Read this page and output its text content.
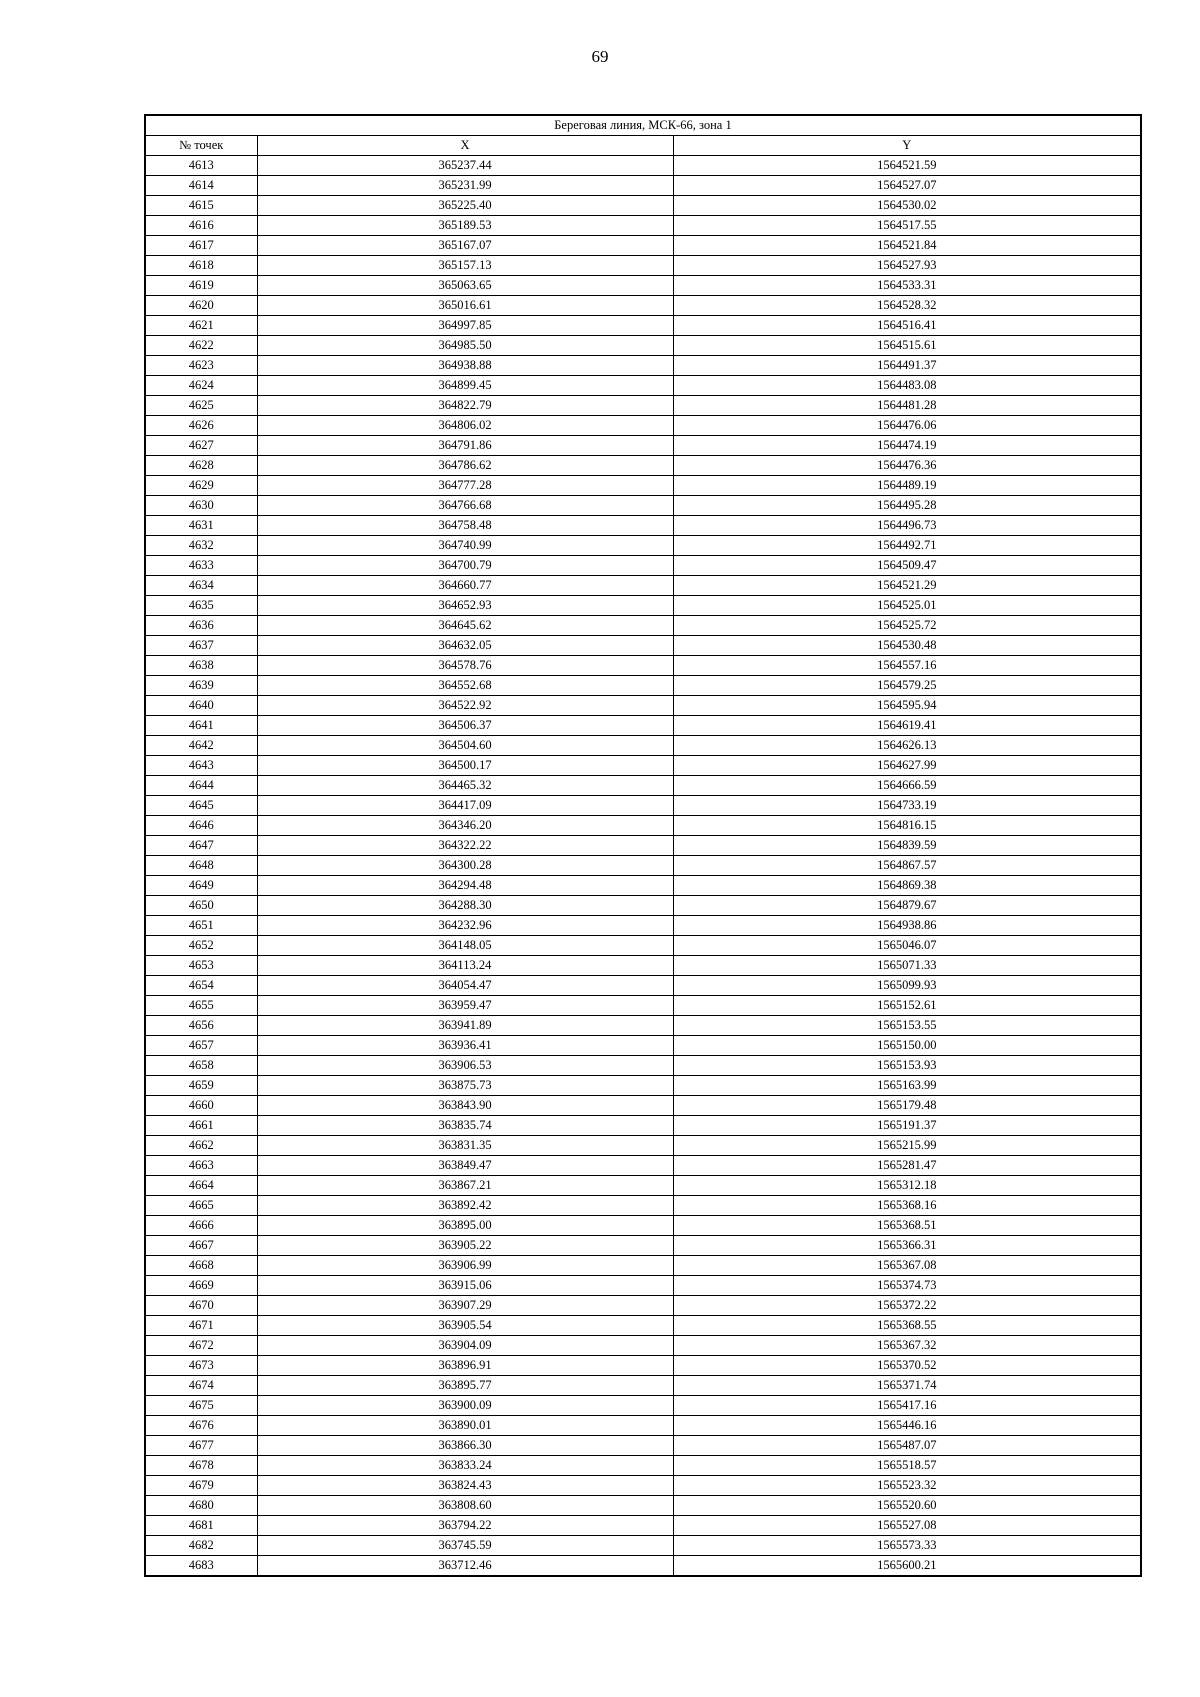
69
Береговая линия, МСК-66, зона 1		
№ точек	X	Y
4613	365237.44	1564521.59
4614	365231.99	1564527.07
4615	365225.40	1564530.02
4616	365189.53	1564517.55
4617	365167.07	1564521.84
4618	365157.13	1564527.93
4619	365063.65	1564533.31
4620	365016.61	1564528.32
4621	364997.85	1564516.41
4622	364985.50	1564515.61
4623	364938.88	1564491.37
4624	364899.45	1564483.08
4625	364822.79	1564481.28
4626	364806.02	1564476.06
4627	364791.86	1564474.19
4628	364786.62	1564476.36
4629	364777.28	1564489.19
4630	364766.68	1564495.28
4631	364758.48	1564496.73
4632	364740.99	1564492.71
4633	364700.79	1564509.47
4634	364660.77	1564521.29
4635	364652.93	1564525.01
4636	364645.62	1564525.72
4637	364632.05	1564530.48
4638	364578.76	1564557.16
4639	364552.68	1564579.25
4640	364522.92	1564595.94
4641	364506.37	1564619.41
4642	364504.60	1564626.13
4643	364500.17	1564627.99
4644	364465.32	1564666.59
4645	364417.09	1564733.19
4646	364346.20	1564816.15
4647	364322.22	1564839.59
4648	364300.28	1564867.57
4649	364294.48	1564869.38
4650	364288.30	1564879.67
4651	364232.96	1564938.86
4652	364148.05	1565046.07
4653	364113.24	1565071.33
4654	364054.47	1565099.93
4655	363959.47	1565152.61
4656	363941.89	1565153.55
4657	363936.41	1565150.00
4658	363906.53	1565153.93
4659	363875.73	1565163.99
4660	363843.90	1565179.48
4661	363835.74	1565191.37
4662	363831.35	1565215.99
4663	363849.47	1565281.47
4664	363867.21	1565312.18
4665	363892.42	1565368.16
4666	363895.00	1565368.51
4667	363905.22	1565366.31
4668	363906.99	1565367.08
4669	363915.06	1565374.73
4670	363907.29	1565372.22
4671	363905.54	1565368.55
4672	363904.09	1565367.32
4673	363896.91	1565370.52
4674	363895.77	1565371.74
4675	363900.09	1565417.16
4676	363890.01	1565446.16
4677	363866.30	1565487.07
4678	363833.24	1565518.57
4679	363824.43	1565523.32
4680	363808.60	1565520.60
4681	363794.22	1565527.08
4682	363745.59	1565573.33
4683	363712.46	1565600.21
